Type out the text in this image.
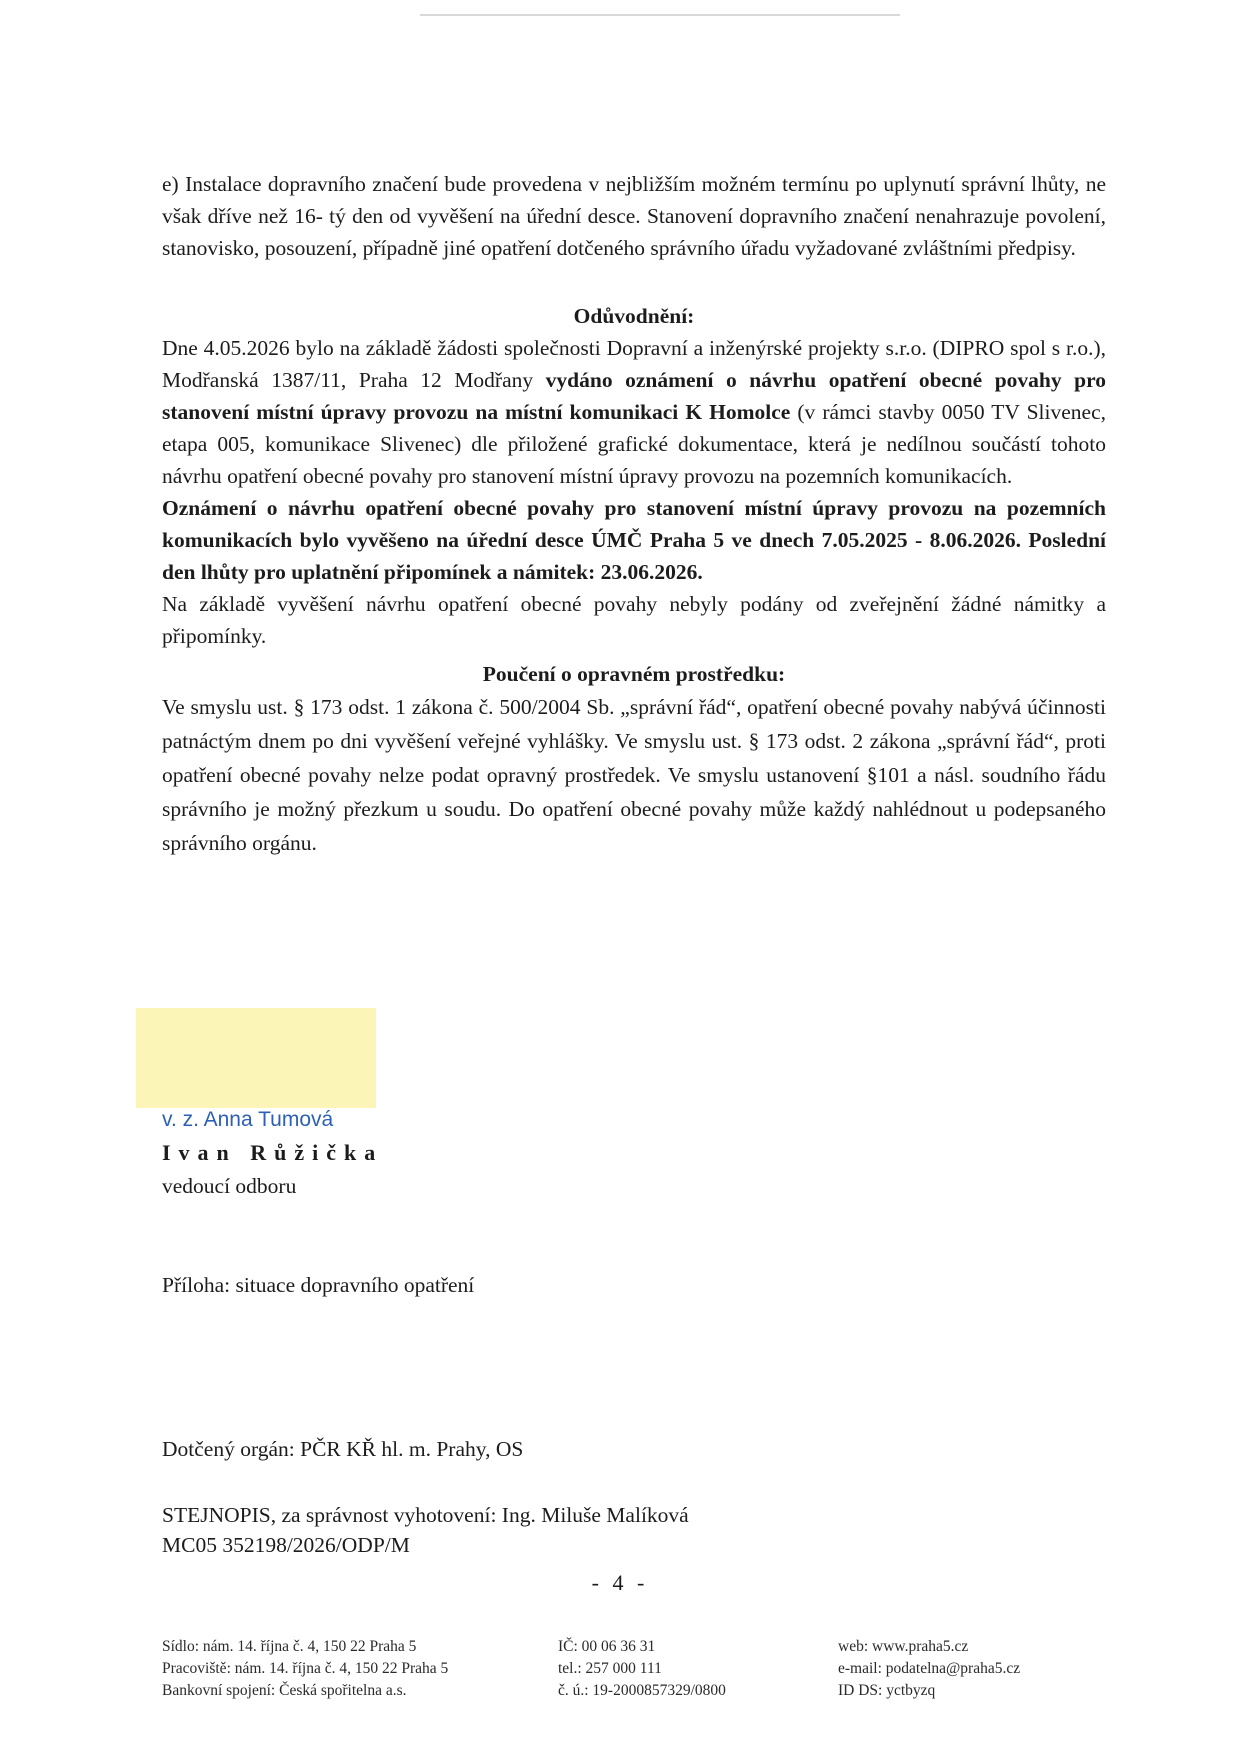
e) Instalace dopravního značení bude provedena v nejbližším možném termínu po uplynutí správní lhůty, ne však dříve než 16- tý den od vyvěšení na úřední desce. Stanovení dopravního značení nenahrazuje povolení, stanovisko, posouzení, případně jiné opatření dotčeného správního úřadu vyžadované zvláštními předpisy.

Odůvodnění:

Dne 4.05.2026 bylo na základě žádosti společnosti Dopravní a inženýrské projekty s.r.o. (DIPRO spol s r.o.), Modřanská 1387/11, Praha 12 Modřany vydáno oznámení o návrhu opatření obecné povahy pro stanovení místní úpravy provozu na místní komunikaci K Homolce (v rámci stavby 0050 TV Slivenec, etapa 005, komunikace Slivenec) dle přiložené grafické dokumentace, která je nedílnou součástí tohoto návrhu opatření obecné povahy pro stanovení místní úpravy provozu na pozemních komunikacích.

Oznámení o návrhu opatření obecné povahy pro stanovení místní úpravy provozu na pozemních komunikacích bylo vyvěšeno na úřední desce ÚMČ Praha 5 ve dnech 7.05.2025 - 8.06.2026. Poslední den lhůty pro uplatnění připomínek a námitek: 23.06.2026.

Na základě vyvěšení návrhu opatření obecné povahy nebyly podány od zveřejnění žádné námitky a připomínky.

Poučení o opravném prostředku:

Ve smyslu ust. § 173 odst. 1 zákona č. 500/2004 Sb. „správní řád“, opatření obecné povahy nabývá účinnosti patnáctým dnem po dni vyvěšení veřejné vyhlášky. Ve smyslu ust. § 173 odst. 2 zákona „správní řád“, proti opatření obecné povahy nelze podat opravný prostředek. Ve smyslu ustanovení §101 a násl. soudního řádu správního je možný přezkum u soudu. Do opatření obecné povahy může každý nahlédnout u podepsaného správního orgánu.

v. z. Anna Tumová
Ivan Růžička
vedoucí odboru
Příloha: situace dopravního opatření
Dotčený orgán: PČR KŘ hl. m. Prahy, OS
STEJNOPIS, za správnost vyhotovení: Ing. Miluše Malíková
MC05 352198/2026/ODP/M
- 4 -
Sídlo: nám. 14. října č. 4, 150 22 Praha 5
Pracoviště: nám. 14. října č. 4, 150 22 Praha 5
Bankovní spojení: Česká spořitelna a.s.
IČ: 00 06 36 31
tel.: 257 000 111
č. ú.: 19-2000857329/0800
web: www.praha5.cz
e-mail: podatelna@praha5.cz
ID DS: yctbyzq
